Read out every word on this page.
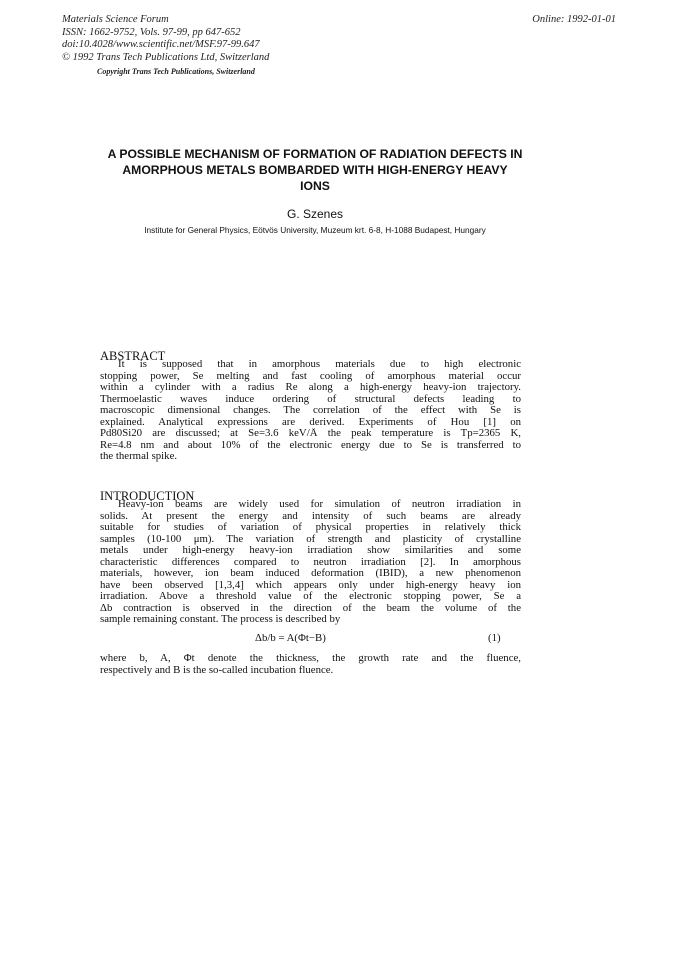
Materials Science Forum
ISSN: 1662-9752, Vols. 97-99, pp 647-652
doi:10.4028/www.scientific.net/MSF.97-99.647
© 1992 Trans Tech Publications Ltd, Switzerland
Online: 1992-01-01
Copyright Trans Tech Publications, Switzerland
A POSSIBLE MECHANISM OF FORMATION OF RADIATION DEFECTS IN
AMORPHOUS METALS BOMBARDED WITH HIGH-ENERGY HEAVY
IONS
G. Szenes
Institute for General Physics, Eötvös University, Muzeum krt. 6-8, H-1088 Budapest, Hungary
ABSTRACT
It is supposed that in amorphous materials due to high electronic
stopping power, Se melting and fast cooling of amorphous material occur
within a cylinder with a radius Re along a high-energy heavy-ion trajectory.
Thermoelastic waves induce ordering of structural defects leading to
macroscopic dimensional changes. The correlation of the effect with Se is
explained. Analytical expressions are derived. Experiments of Hou [1] on
Pd80Si20 are discussed; at Se=3.6 keV/Å the peak temperature is Tp=2365 K,
Re=4.8 nm and about 10% of the electronic energy due to Se is transferred to
the thermal spike.
INTRODUCTION
Heavy-ion beams are widely used for simulation of neutron irradiation in
solids. At present the energy and intensity of such beams are already
suitable for studies of variation of physical properties in relatively thick
samples (10-100 μm). The variation of strength and plasticity of crystalline
metals under high-energy heavy-ion irradiation show similarities and some
characteristic differences compared to neutron irradiation [2]. In amorphous
materials, however, ion beam induced deformation (IBID), a new phenomenon
have been observed [1,3,4] which appears only under high-energy heavy ion
irradiation. Above a threshold value of the electronic stopping power, Se a
Δb contraction is observed in the direction of the beam the volume of the
sample remaining constant. The process is described by
Δb/b = A(Φt−B)	(1)
where b, A, Φt denote the thickness, the growth rate and the fluence,
respectively and B is the so-called incubation fluence.
